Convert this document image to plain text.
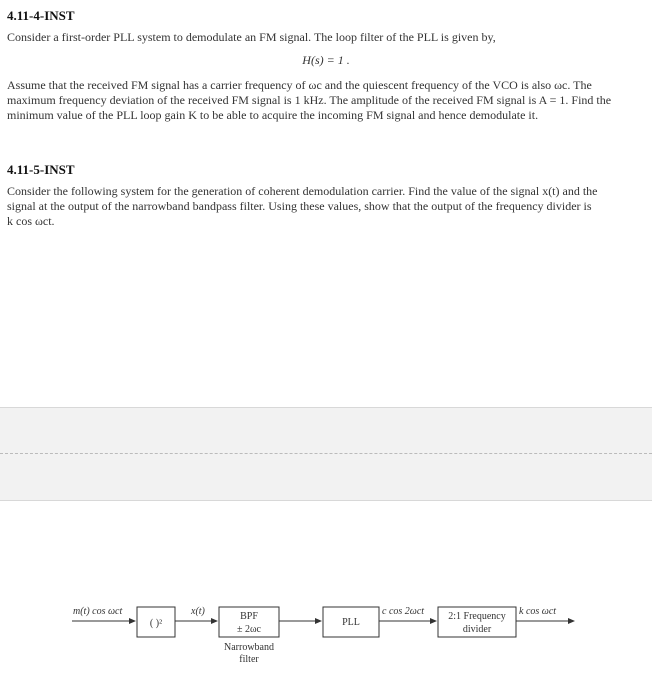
4.11-4-INST
Consider a first-order PLL system to demodulate an FM signal. The loop filter of the PLL is given by,
H(s) = 1 .
Assume that the received FM signal has a carrier frequency of ωc and the quiescent frequency of the VCO is also ωc. The
maximum frequency deviation of the received FM signal is 1 kHz. The amplitude of the received FM signal is A = 1. Find the
minimum value of the PLL loop gain K to be able to acquire the incoming FM signal and hence demodulate it.
4.11-5-INST
Consider the following system for the generation of coherent demodulation carrier. Find the value of the signal x(t) and the
signal at the output of the narrowband bandpass filter. Using these values, show that the output of the frequency divider is
k cos ωct.
m(t) cos ωct
( )²
x(t)	BPF
± 2ωc
Narrowband
filter
PLL
c cos 2ωct 2:1 Frequency
divider
k cos ωct
